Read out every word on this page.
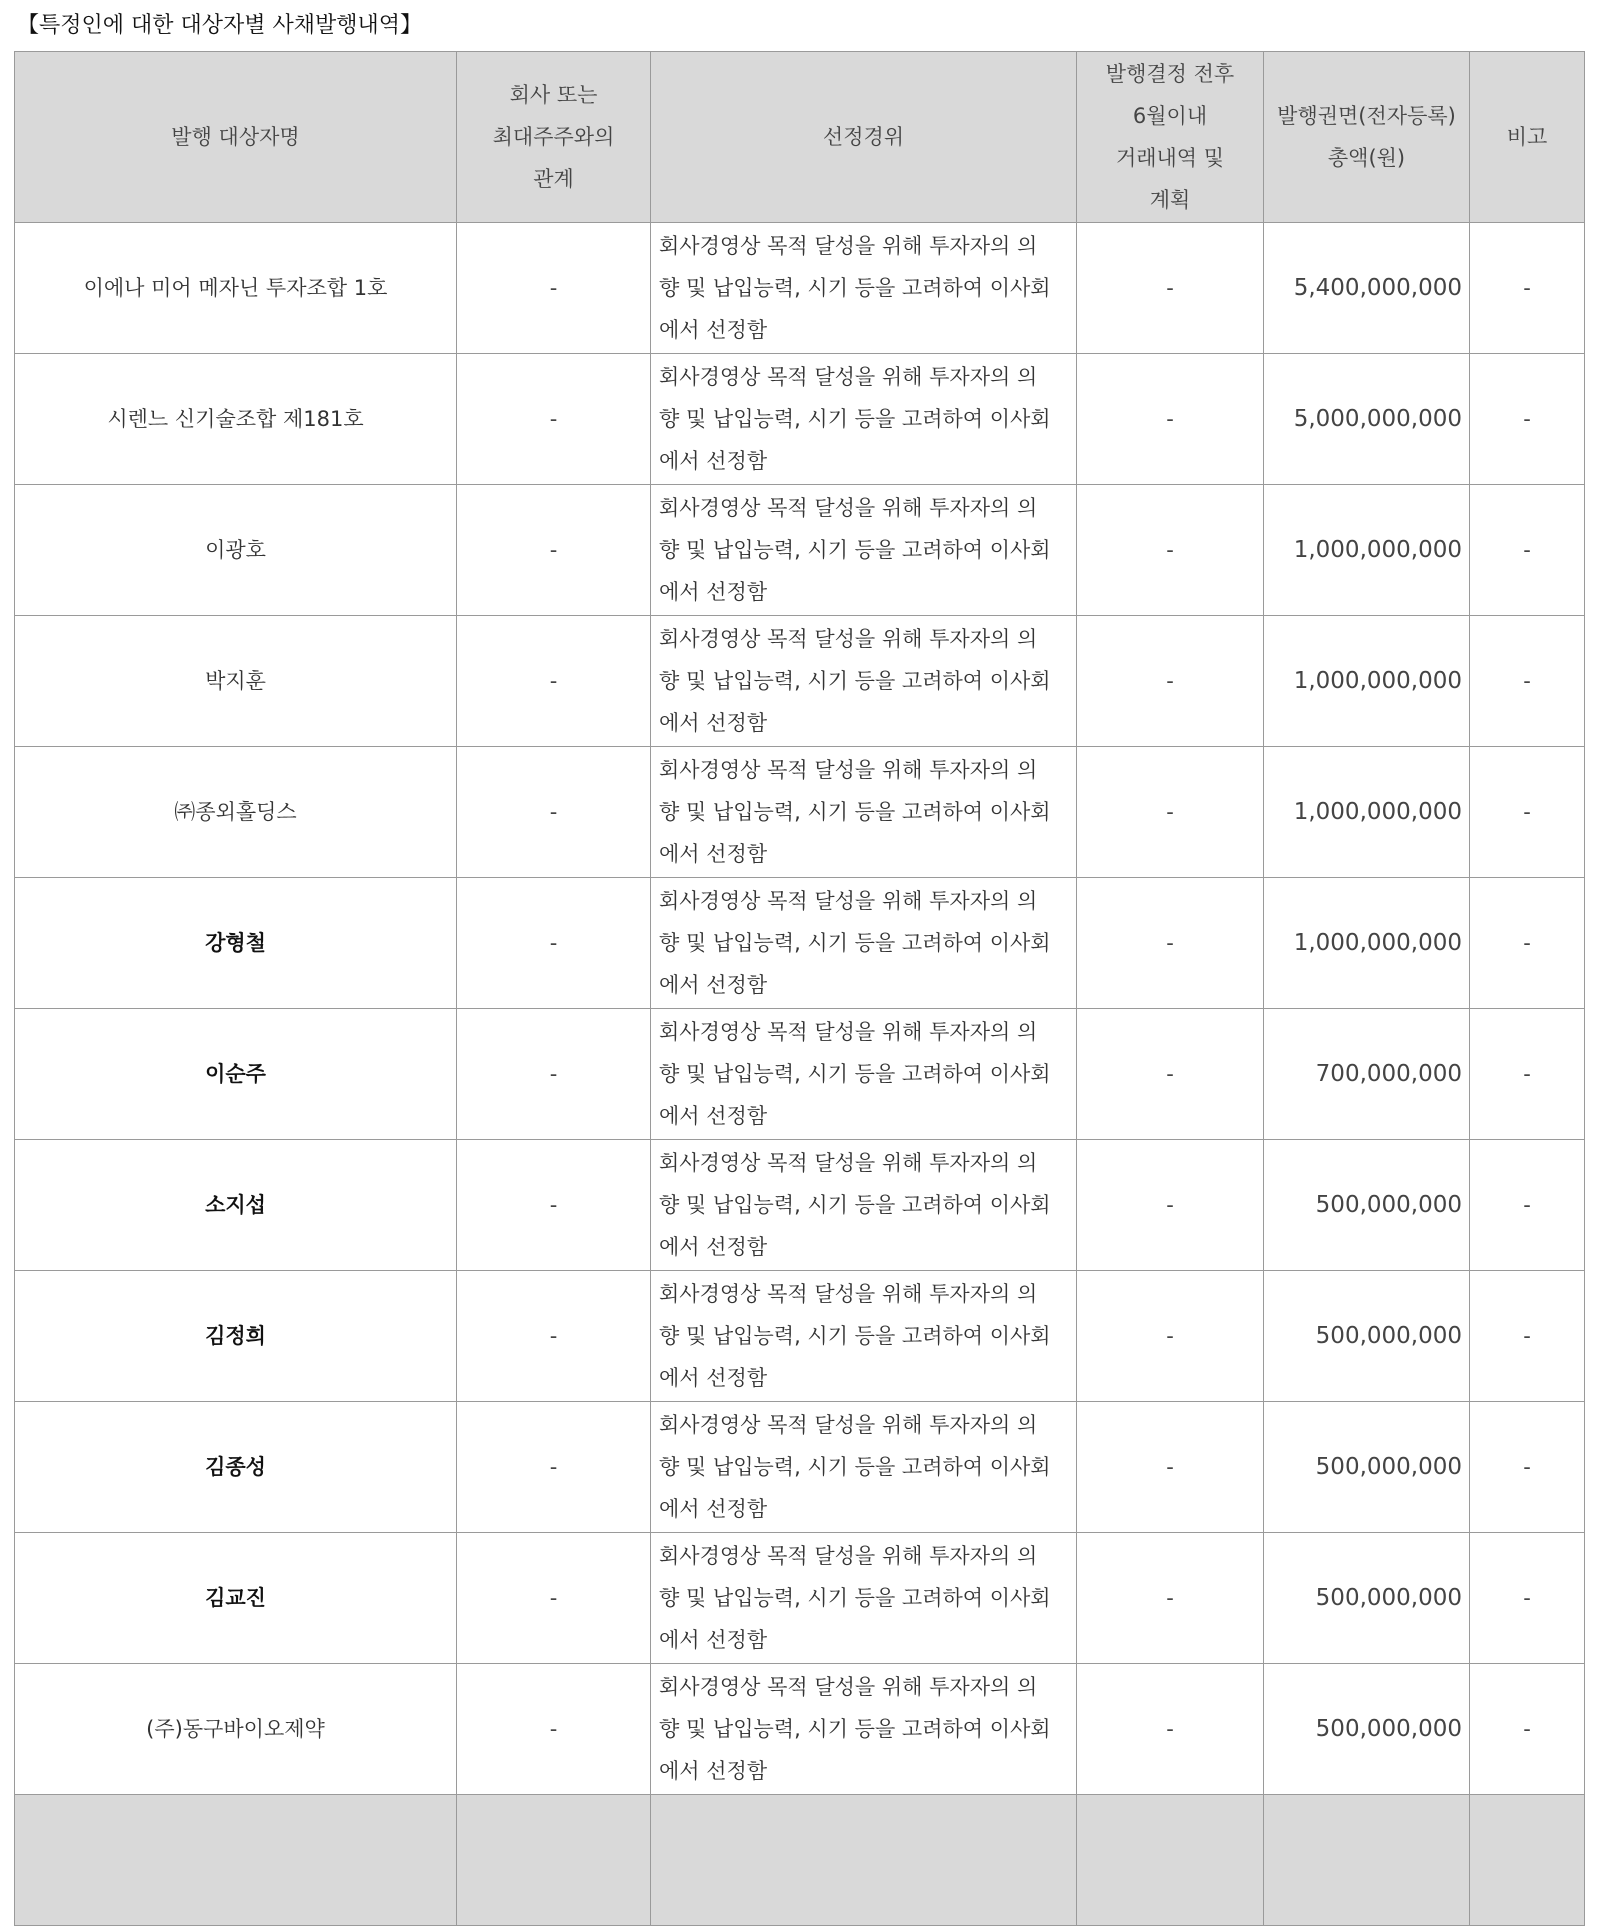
【특정인에 대한 대상자별 사채발행내역】
발행 대상자명	회사 또는
최대주주와의
관계	선정경위	발행결정 전후
6월이내
거래내역 및
계획	발행권면(전자등록)
총액(원)	비고

이에나 미어 메자닌 투자조합 1호	-	회사경영상 목적 달성을 위해 투자자의 의
향 및 납입능력, 시기 등을 고려하여 이사회
에서 선정함	-	5,400,000,000	-
시렌느 신기술조합 제181호	-	회사경영상 목적 달성을 위해 투자자의 의
향 및 납입능력, 시기 등을 고려하여 이사회
에서 선정함	-	5,000,000,000	-
이광호	-	회사경영상 목적 달성을 위해 투자자의 의
향 및 납입능력, 시기 등을 고려하여 이사회
에서 선정함	-	1,000,000,000	-
박지훈	-	회사경영상 목적 달성을 위해 투자자의 의
향 및 납입능력, 시기 등을 고려하여 이사회
에서 선정함	-	1,000,000,000	-
㈜종외홀딩스	-	회사경영상 목적 달성을 위해 투자자의 의
향 및 납입능력, 시기 등을 고려하여 이사회
에서 선정함	-	1,000,000,000	-
강형철	-	회사경영상 목적 달성을 위해 투자자의 의
향 및 납입능력, 시기 등을 고려하여 이사회
에서 선정함	-	1,000,000,000	-
이순주	-	회사경영상 목적 달성을 위해 투자자의 의
향 및 납입능력, 시기 등을 고려하여 이사회
에서 선정함	-	700,000,000	-
소지섭	-	회사경영상 목적 달성을 위해 투자자의 의
향 및 납입능력, 시기 등을 고려하여 이사회
에서 선정함	-	500,000,000	-
김정희	-	회사경영상 목적 달성을 위해 투자자의 의
향 및 납입능력, 시기 등을 고려하여 이사회
에서 선정함	-	500,000,000	-
김종성	-	회사경영상 목적 달성을 위해 투자자의 의
향 및 납입능력, 시기 등을 고려하여 이사회
에서 선정함	-	500,000,000	-
김교진	-	회사경영상 목적 달성을 위해 투자자의 의
향 및 납입능력, 시기 등을 고려하여 이사회
에서 선정함	-	500,000,000	-
(주)동구바이오제약	-	회사경영상 목적 달성을 위해 투자자의 의
향 및 납입능력, 시기 등을 고려하여 이사회
에서 선정함	-	500,000,000	-
